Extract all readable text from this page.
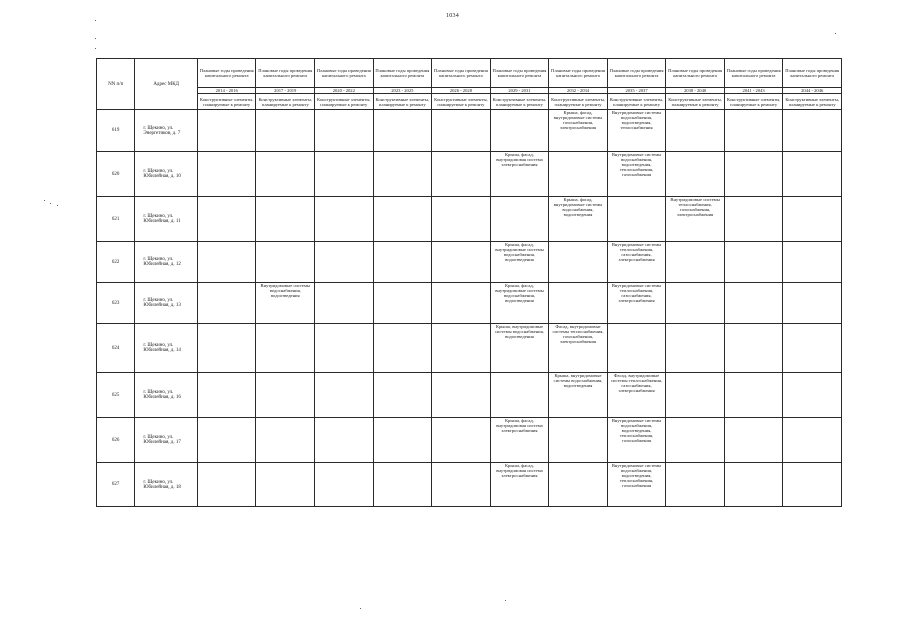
1034
NN п/п	Адрес МКД	Плановые годы проведения капитального ремонта	Плановые годы проведения капитального ремонта	Плановые годы проведения капитального ремонта	Плановые годы проведения капитального ремонта	Плановые годы проведения капитального ремонта	Плановые годы проведения капитального ремонта	Плановые годы проведения капитального ремонта	Плановые годы проведения капитального ремонта	Плановые годы проведения капитального ремонта	Плановые годы проведения капитального ремонта	Плановые годы проведения капитального ремонта
		2014 - 2016	2017 - 2019	2020 - 2022	2023 - 2025	2026 - 2028	2029 - 2031	2032 - 2034	2035 - 2037	2038 - 2040	2041 - 2043	2044 - 2046
		Конструктивные элементы, планируемые к ремонту	Конструктивные элементы, планируемые к ремонту	Конструктивные элементы, планируемые к ремонту	Конструктивные элементы, планируемые к ремонту	Конструктивные элементы, планируемые к ремонту	Конструктивные элементы, планируемые к ремонту	Конструктивные элементы, планируемые к ремонту	Конструктивные элементы, планируемые к ремонту	Конструктивные элементы, планируемые к ремонту	Конструктивные элементы, планируемые к ремонту	Конструктивные элементы, планируемые к ремонту
619	г. Щекино, ул. Энергетиков, д. 7							Крыша, фасад, внутридомовые системы газоснабжения, электроснабжения	Внутридомовые системы водоснабжения, водоотведения, теплоснабжения			
620	г. Щекино, ул. Юбилейная, д. 10						Крыша, фасад, внутридомовая система электроснабжения		Внутридомовые системы водоснабжения, водоотведения, теплоснабжения, газоснабжения			
621	г. Щекино, ул. Юбилейная, д. 11							Крыша, фасад, внутридомовые системы водоснабжения, водоотведения		Внутридомовые системы теплоснабжения, газоснабжения, электроснабжения		
622	г. Щекино, ул. Юбилейная, д. 12						Крыша, фасад, внутридомовые системы водоснабжения, водоотведения		Внутридомовые системы теплоснабжения, газоснабжения, электроснабжения			
623	г. Щекино, ул. Юбилейная, д. 13		Внутридомовые системы водоснабжения, водоотведения				Крыша, фасад, внутридомовые системы водоснабжения, водоотведения		Внутридомовые системы теплоснабжения, газоснабжения, электроснабжения			
624	г. Щекино, ул. Юбилейная, д. 14						Крыша, внутридомовые системы водоснабжения, водоотведения	Фасад, внутридомовые системы теплоснабжения, газоснабжения, электроснабжения				
625	г. Щекино, ул. Юбилейная, д. 16							Крыша, внутридомовые системы водоснабжения, водоотведения	Фасад, внутридомовые системы теплоснабжения, газоснабжения, электроснабжения			
626	г. Щекино, ул. Юбилейная, д. 17						Крыша, фасад, внутридомовая система электроснабжения		Внутридомовые системы водоснабжения, водоотведения, теплоснабжения, газоснабжения			
627	г. Щекино, ул. Юбилейная, д. 18						Крыша, фасад, внутридомовая система электроснабжения		Внутридомовые системы водоснабжения, водоотведения, теплоснабжения, газоснабжения			
